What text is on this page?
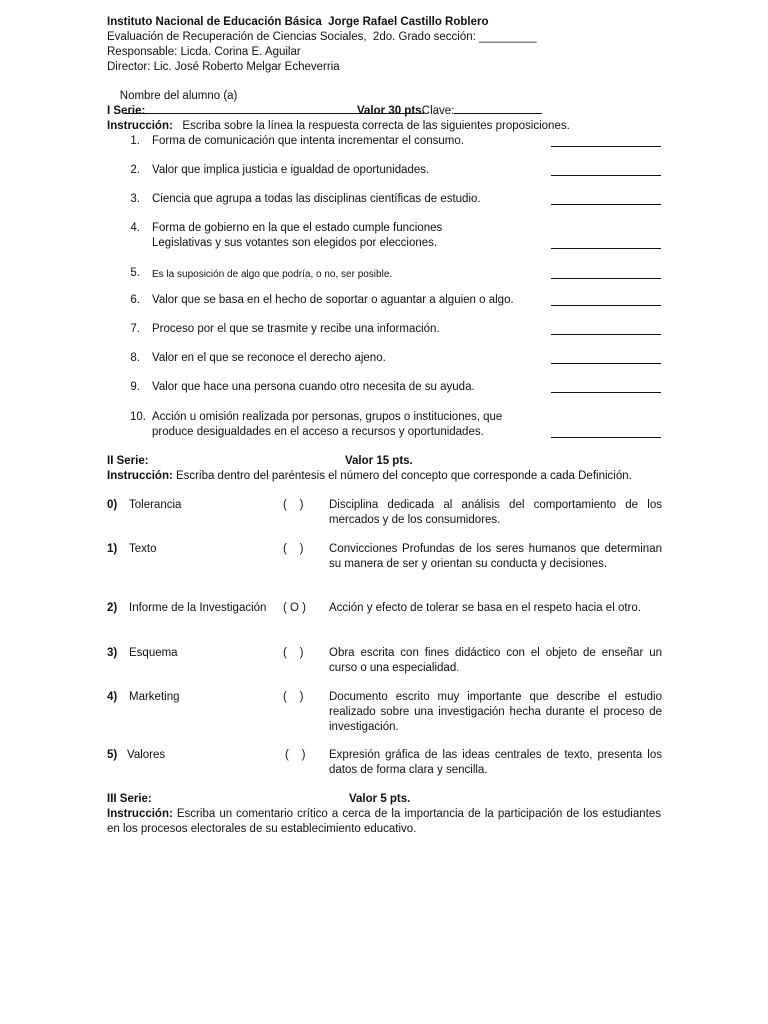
Instituto Nacional de Educación Básica  Jorge Rafael Castillo Roblero
Evaluación de Recuperación de Ciencias Sociales,  2do. Grado sección: _________
Responsable: Licda. Corina E. Aguilar
Director: Lic. José Roberto Melgar Echeverria

Nombre del alumno (a)
Clave:

I Serie:	Valor 30 pts.
Instrucción: Escriba sobre la línea la respuesta correcta de las siguientes proposiciones.
1. Forma de comunicación que intenta incrementar el consumo.
2. Valor que implica justicia e igualdad de oportunidades.
3. Ciencia que agrupa a todas las disciplinas científicas de estudio.
4. Forma de gobierno en la que el estado cumple funciones Legislativas y sus votantes son elegidos por elecciones.
5. Es la suposición de algo que podría, o no, ser posible.
6. Valor que se basa en el hecho de soportar o aguantar a alguien o algo.
7. Proceso por el que se trasmite y recibe una información.
8. Valor en el que se reconoce el derecho ajeno.
9. Valor que hace una persona cuando otro necesita de su ayuda.
10. Acción u omisión realizada por personas, grupos o instituciones, que produce desigualdades en el acceso a recursos y oportunidades.
II Serie:	Valor 15 pts.
Instrucción: Escriba dentro del paréntesis el número del concepto que corresponde a cada Definición.
0)	Tolerancia	(    )	Disciplina dedicada al análisis del comportamiento de los mercados y de los consumidores.
1)	Texto	(    )	Convicciones Profundas de los seres humanos que determinan su manera de ser y orientan su conducta y decisiones.
2)	Informe de la Investigación ( O )	Acción y efecto de tolerar se basa en el respeto hacia el otro.
3)	Esquema	(    )	Obra escrita con fines didáctico con el objeto de enseñar un curso o una especialidad.
4)	Marketing	(    )	Documento escrito muy importante que describe el estudio realizado sobre una investigación hecha durante el proceso de investigación.
5) Valores	(    )	Expresión gráfica de las ideas centrales de texto, presenta los datos de forma clara y sencilla.
III Serie:	Valor 5 pts.
Instrucción: Escriba un comentario crítico a cerca de la importancia de la participación de los estudiantes en los procesos electorales de su establecimiento educativo.
